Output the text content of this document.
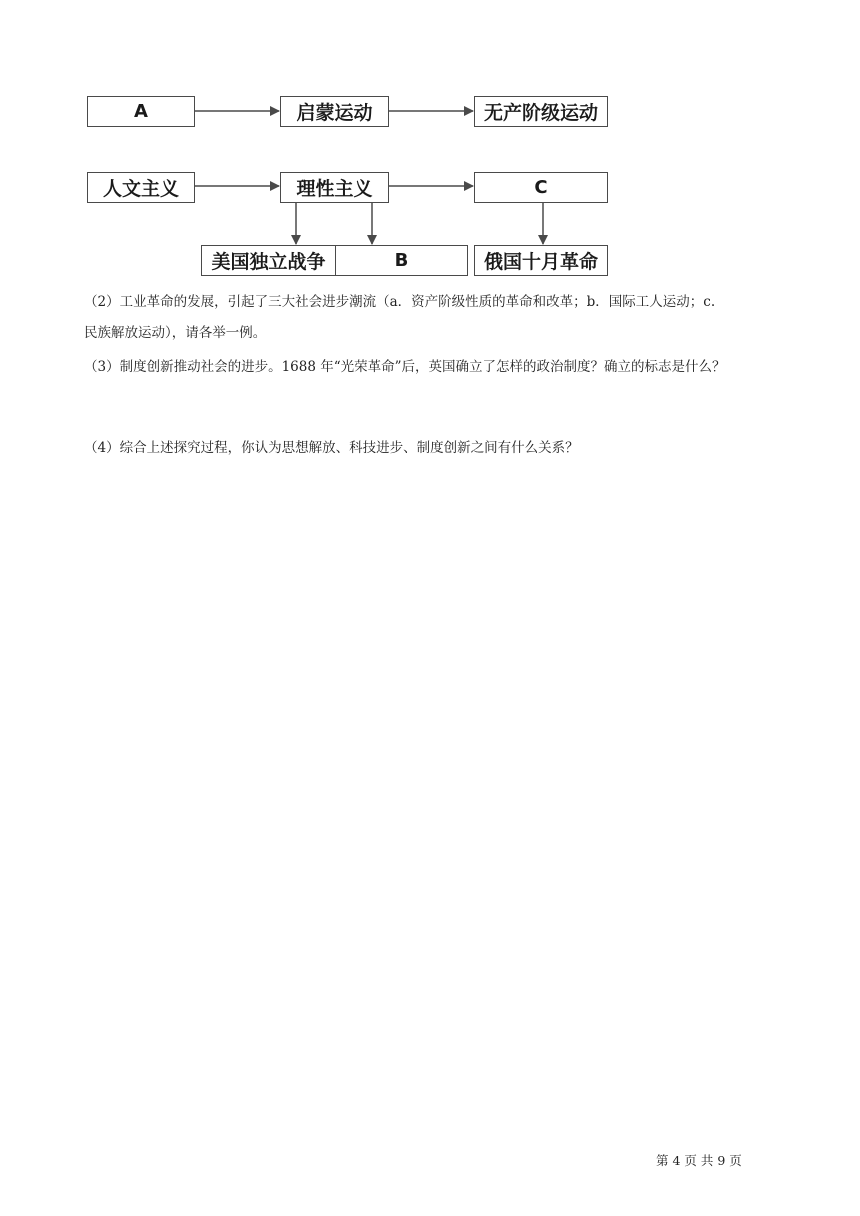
A	启蒙运动	无产阶级运动
人文主义	理性主义	C
美国独立战争	B	俄国十月革命
（2）工业革命的发展，引起了三大社会进步潮流（a．资产阶级性质的革命和改革；b．国际工人运动；c.
民族解放运动），请各举一例。
（3）制度创新推动社会的进步。1688 年“光荣革命”后，英国确立了怎样的政治制度？确立的标志是什么？
（4）综合上述探究过程，你认为思想解放、科技进步、制度创新之间有什么关系？
第 4 页 共 9 页
